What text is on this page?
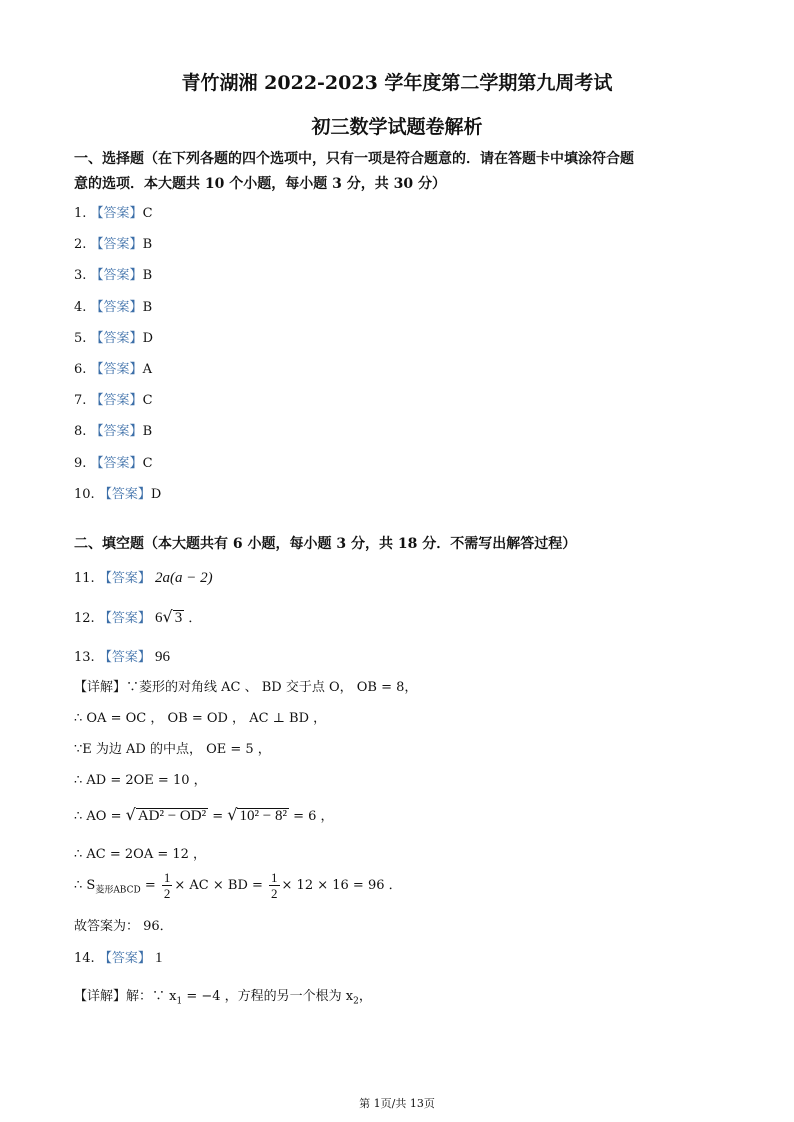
青竹湖湘 2022-2023 学年度第二学期第九周考试
初三数学试题卷解析
一、选择题（在下列各题的四个选项中，只有一项是符合题意的．请在答题卡中填涂符合题
意的选项．本大题共 10 个小题，每小题 3 分，共 30 分）
1. 【答案】C
2. 【答案】B
3. 【答案】B
4. 【答案】B
5. 【答案】D
6. 【答案】A
7. 【答案】C
8. 【答案】B
9. 【答案】C
10. 【答案】D
二、填空题（本大题共有 6 小题，每小题 3 分，共 18 分．不需写出解答过程）
11. 【答案】 2a(a − 2)
12. 【答案】 6√ 3 ．
13. 【答案】 96
【详解】∵菱形的对角线 AC 、 BD 交于点 O， OB = 8，
∴ OA = OC ， OB = OD ， AC ⊥ BD ，
∵E 为边 AD 的中点， OE = 5 ，
∴ AD = 2OE = 10 ，
∴ AO = √ AD² − OD² = √ 10² − 8² = 6 ，
∴ AC = 2OA = 12 ，
∴ $S_{菱形ABCD} = \frac{1}{2}$ × AC × BD = $\frac{1}{2} \times 12 \times 16 = 96$ ．
故答案为： 96．
14. 【答案】 1
【详解】解：∵ $x_1 = -4$ ，方程的另一个根为 $x_2$，
第 1页/共 13页
